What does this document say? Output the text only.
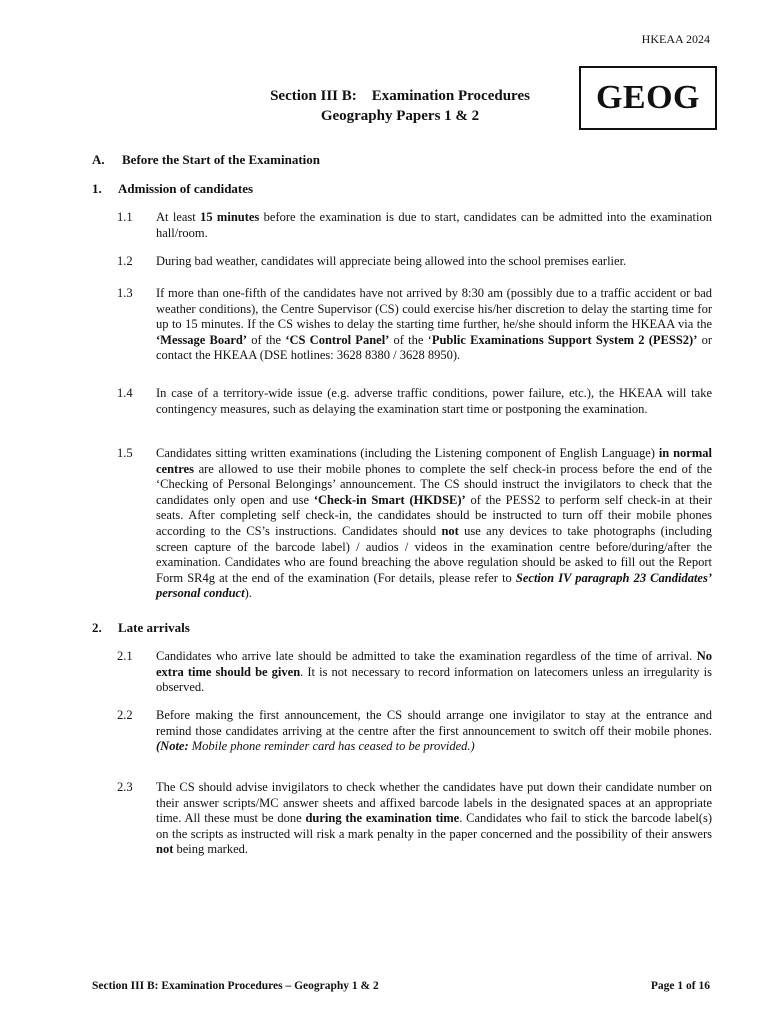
HKEAA 2024
Section III B:    Examination Procedures
Geography Papers 1 & 2	GEOG
A. Before the Start of the Examination
1. Admission of candidates
1.1 At least 15 minutes before the examination is due to start, candidates can be admitted into the examination hall/room.
1.2 During bad weather, candidates will appreciate being allowed into the school premises earlier.
1.3 If more than one-fifth of the candidates have not arrived by 8:30 am (possibly due to a traffic accident or bad weather conditions), the Centre Supervisor (CS) could exercise his/her discretion to delay the starting time for up to 15 minutes. If the CS wishes to delay the starting time further, he/she should inform the HKEAA via the ‘Message Board’ of the ‘CS Control Panel’ of the ‘Public Examinations Support System 2 (PESS2)’ or contact the HKEAA (DSE hotlines: 3628 8380 / 3628 8950).
1.4 In case of a territory-wide issue (e.g. adverse traffic conditions, power failure, etc.), the HKEAA will take contingency measures, such as delaying the examination start time or postponing the examination.
1.5 Candidates sitting written examinations (including the Listening component of English Language) in normal centres are allowed to use their mobile phones to complete the self check-in process before the end of the ‘Checking of Personal Belongings’ announcement. The CS should instruct the invigilators to check that the candidates only open and use ‘Check-in Smart (HKDSE)’ of the PESS2 to perform self check-in at their seats. After completing self check-in, the candidates should be instructed to turn off their mobile phones according to the CS’s instructions. Candidates should not use any devices to take photographs (including screen capture of the barcode label) / audios / videos in the examination centre before/during/after the examination. Candidates who are found breaching the above regulation should be asked to fill out the Report Form SR4g at the end of the examination (For details, please refer to Section IV paragraph 23 Candidates’ personal conduct).
2. Late arrivals
2.1 Candidates who arrive late should be admitted to take the examination regardless of the time of arrival. No extra time should be given. It is not necessary to record information on latecomers unless an irregularity is observed.
2.2 Before making the first announcement, the CS should arrange one invigilator to stay at the entrance and remind those candidates arriving at the centre after the first announcement to switch off their mobile phones. (Note: Mobile phone reminder card has ceased to be provided.)
2.3 The CS should advise invigilators to check whether the candidates have put down their candidate number on their answer scripts/MC answer sheets and affixed barcode labels in the designated spaces at an appropriate time. All these must be done during the examination time. Candidates who fail to stick the barcode label(s) on the scripts as instructed will risk a mark penalty in the paper concerned and the possibility of their answers not being marked.
Section III B: Examination Procedures – Geography 1 & 2	Page 1 of 16
